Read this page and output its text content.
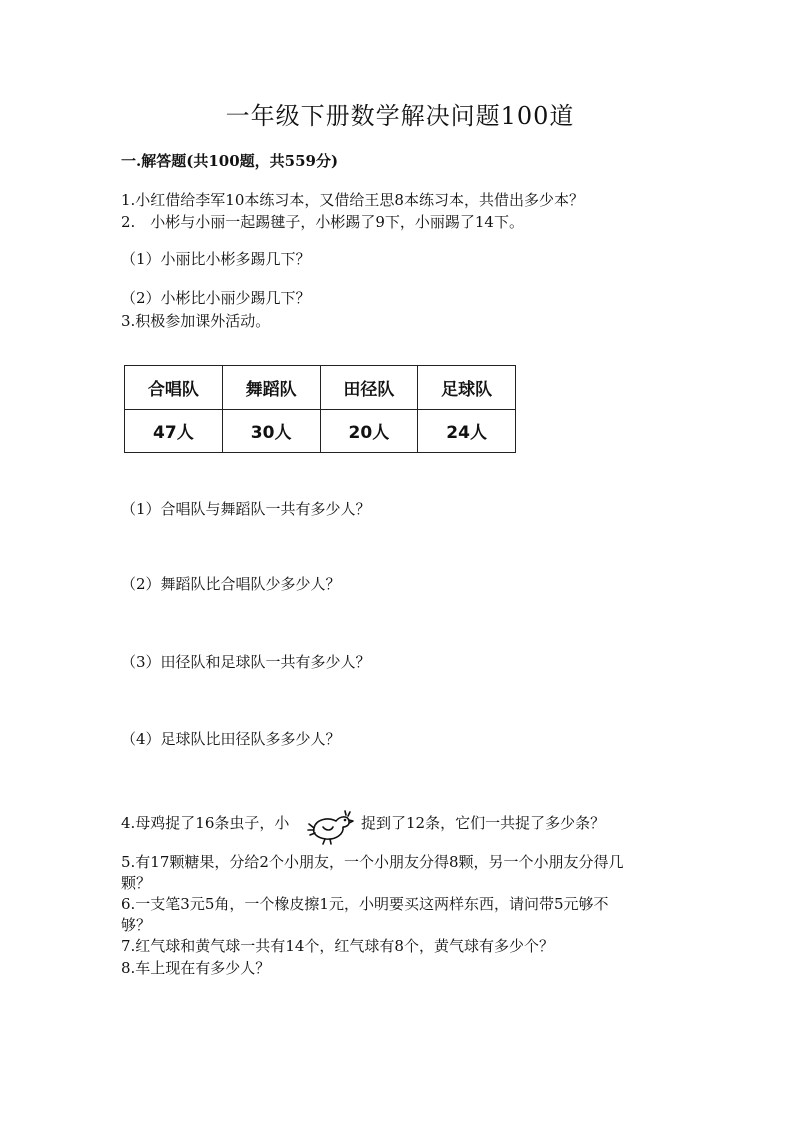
一年级下册数学解决问题100道
一.解答题(共100题，共559分)
1.小红借给李军10本练习本，又借给王思8本练习本，共借出多少本？
2.　小彬与小丽一起踢毽子，小彬踢了9下，小丽踢了14下。
（1）小丽比小彬多踢几下？
（2）小彬比小丽少踢几下？
3.积极参加课外活动。
合唱队	舞蹈队	田径队	足球队
47人	30人	20人	24人
（1）合唱队与舞蹈队一共有多少人？
（2）舞蹈队比合唱队少多少人？
（3）田径队和足球队一共有多少人？
（4）足球队比田径队多多少人？
4.母鸡捉了16条虫子，小	捉到了12条，它们一共捉了多少条？
5.有17颗糖果，分给2个小朋友，一个小朋友分得8颗，另一个小朋友分得几
颗？
6.一支笔3元5角，一个橡皮擦1元，小明要买这两样东西，请问带5元够不
够？
7.红气球和黄气球一共有14个，红气球有8个，黄气球有多少个？
8.车上现在有多少人？
